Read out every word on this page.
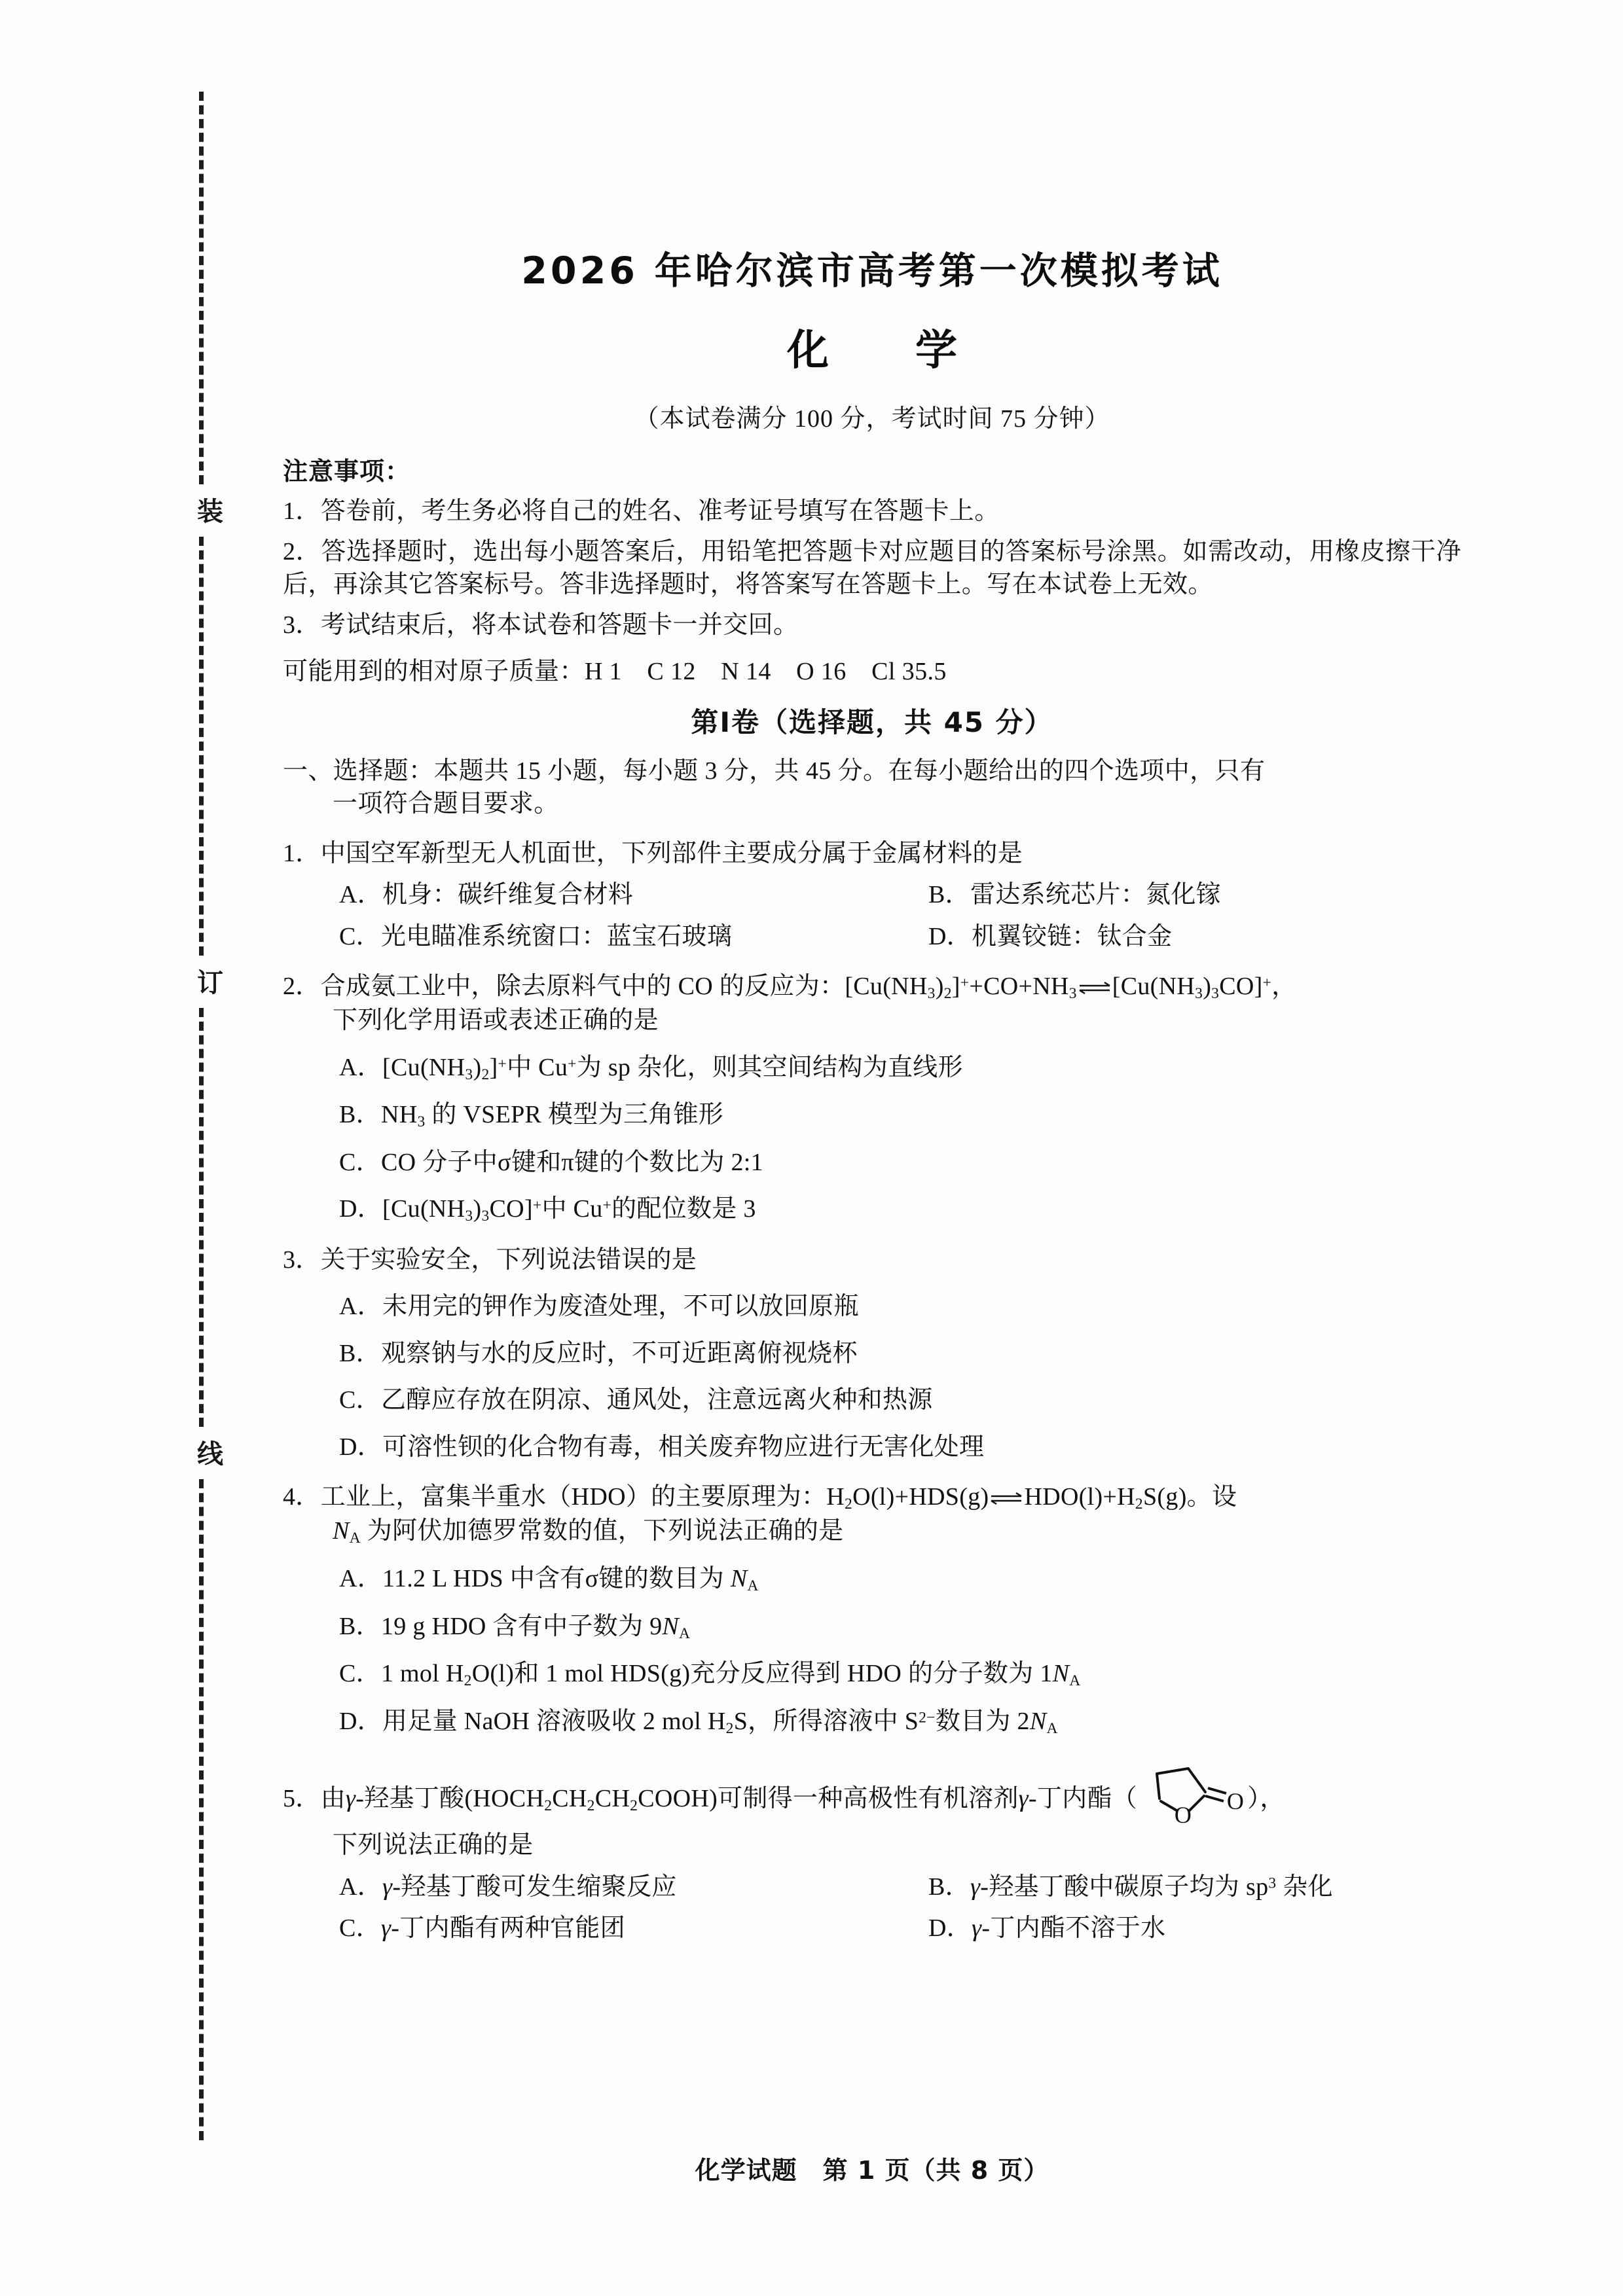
装
订
线
2026 年哈尔滨市高考第一次模拟考试
化　学
（本试卷满分 100 分，考试时间 75 分钟）
注意事项：
1．答卷前，考生务必将自己的姓名、准考证号填写在答题卡上。
2．答选择题时，选出每小题答案后，用铅笔把答题卡对应题目的答案标号涂黑。如需改动，用橡皮擦干净后，再涂其它答案标号。答非选择题时，将答案写在答题卡上。写在本试卷上无效。
3．考试结束后，将本试卷和答题卡一并交回。
可能用到的相对原子质量：H 1　C 12　N 14　O 16　Cl 35.5
第Ⅰ卷（选择题，共 45 分）
一、选择题：本题共 15 小题，每小题 3 分，共 45 分。在每小题给出的四个选项中，只有
一项符合题目要求。
1．中国空军新型无人机面世，下列部件主要成分属于金属材料的是
A．机身：碳纤维复合材料	B．雷达系统芯片：氮化镓
C．光电瞄准系统窗口：蓝宝石玻璃	D．机翼铰链：钛合金
2．合成氨工业中，除去原料气中的 CO 的反应为：$[Cu(NH_3)_2]^++CO+NH_3\rightleftharpoons[Cu(NH_3)_3CO]^+$，
下列化学用语或表述正确的是
A．$[Cu(NH_3)_2]^+$中 Cu+为 sp 杂化，则其空间结构为直线形
B．$NH_3$ 的 VSEPR 模型为三角锥形
C．CO 分子中σ键和π键的个数比为 2:1
D．$[Cu(NH_3)_3CO]^+$中 Cu+的配位数是 3
3．关于实验安全，下列说法错误的是
A．未用完的钾作为废渣处理，不可以放回原瓶
B．观察钠与水的反应时，不可近距离俯视烧杯
C．乙醇应存放在阴凉、通风处，注意远离火种和热源
D．可溶性钡的化合物有毒，相关废弃物应进行无害化处理
4．工业上，富集半重水（HDO）的主要原理为：$H_2O(l)+HDS(g)\rightleftharpoons HDO(l)+H_2S(g)$。设
$N_A$ 为阿伏加德罗常数的值，下列说法正确的是
A．11.2 L HDS 中含有σ键的数目为 $N_A$
B．19 g HDO 含有中子数为 $9N_A$
C．1 mol $H_2O(l)$和 1 mol HDS(g)充分反应得到 HDO 的分子数为 $1N_A$
D．用足量 NaOH 溶液吸收 2 mol $H_2S$，所得溶液中 $S^{2-}$数目为 $2N_A$
5．由γ-羟基丁酸$(HOCH_2CH_2CH_2COOH)$可制得一种高极性有机溶剂γ-丁内酯（
O
O ），
下列说法正确的是
A．γ-羟基丁酸可发生缩聚反应	B．γ-羟基丁酸中碳原子均为 $sp^3$ 杂化
C．γ-丁内酯有两种官能团	D．γ-丁内酯不溶于水
化学试题　第 1 页（共 8 页）
